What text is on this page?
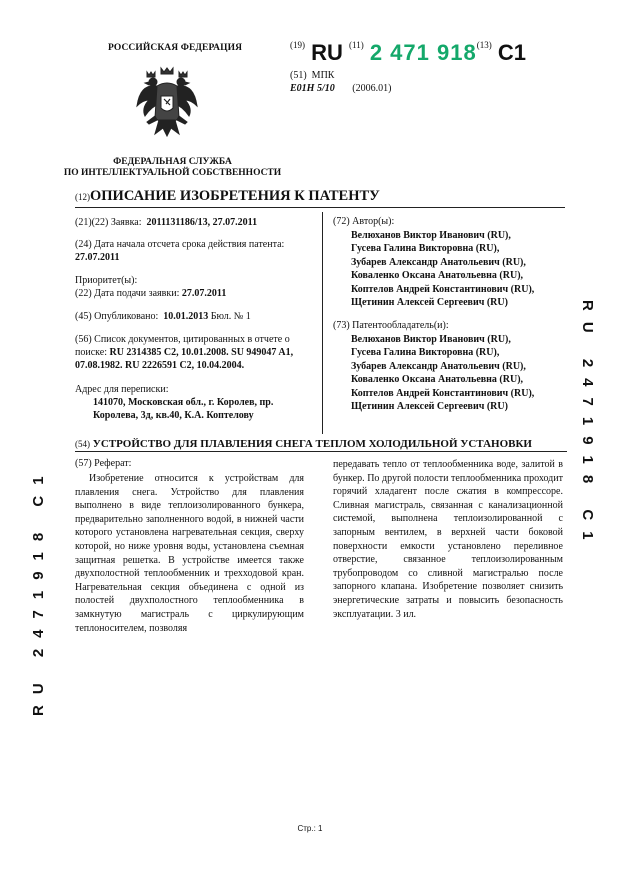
РОССИЙСКАЯ ФЕДЕРАЦИЯ
ФЕДЕРАЛЬНАЯ СЛУЖБА
ПО ИНТЕЛЛЕКТУАЛЬНОЙ СОБСТВЕННОСТИ
$^{(19)}$ RU $^{(11)}$ 2 471 918$^{(13)}$ C1
(51) МПК
E01H 5/10 (2006.01)
(12)ОПИСАНИЕ ИЗОБРЕТЕНИЯ К ПАТЕНТУ
(21)(22) Заявка: 2011131186/13, 27.07.2011
(24) Дата начала отсчета срока действия патента:
27.07.2011
Приоритет(ы):
(22) Дата подачи заявки: 27.07.2011
(45) Опубликовано: 10.01.2013 Бюл. № 1
(56) Список документов, цитированных в отчете о поиске: RU 2314385 C2, 10.01.2008. SU 949047 A1, 07.08.1982. RU 2226591 C2, 10.04.2004.
Адрес для переписки:
141070, Московская обл., г. Королев, пр. Королева, 3д, кв.40, К.А. Коптелову
(72) Автор(ы):
Велюханов Виктор Иванович (RU),
Гусева Галина Викторовна (RU),
Зубарев Александр Анатольевич (RU),
Коваленко Оксана Анатольевна (RU),
Коптелов Андрей Константинович (RU),
Щетинин Алексей Сергеевич (RU)
(73) Патентообладатель(и):
Велюханов Виктор Иванович (RU),
Гусева Галина Викторовна (RU),
Зубарев Александр Анатольевич (RU),
Коваленко Оксана Анатольевна (RU),
Коптелов Андрей Константинович (RU),
Щетинин Алексей Сергеевич (RU)
(54) УСТРОЙСТВО ДЛЯ ПЛАВЛЕНИЯ СНЕГА ТЕПЛОМ ХОЛОДИЛЬНОЙ УСТАНОВКИ
(57) Реферат:
Изобретение относится к устройствам для плавления снега. Устройство для плавления выполнено в виде теплоизолированного бункера, предварительно заполненного водой, в нижней части которого установлена нагревательная секция, сверху которой, но ниже уровня воды, установлена съемная защитная решетка. В устройстве имеется также двухполостной теплообменник и трехходовой кран. Нагревательная секция объединена с одной из полостей двухполостного теплообменника в замкнутую магистраль с циркулирующим теплоносителем, позволяя
передавать тепло от теплообменника воде, залитой в бункер. По другой полости теплообменника проходит горячий хладагент после сжатия в компрессоре. Сливная магистраль, связанная с канализационной системой, выполнена теплоизолированной с запорным вентилем, в верхней части боковой поверхности емкости установлено переливное отверстие, связанное теплоизолированным трубопроводом со сливной магистралью после запорного клапана. Изобретение позволяет снизить энергетические затраты и повысить безопасность эксплуатации. 3 ил.
RU 2471918 C1
RU 2471918 C1
Стр.: 1
